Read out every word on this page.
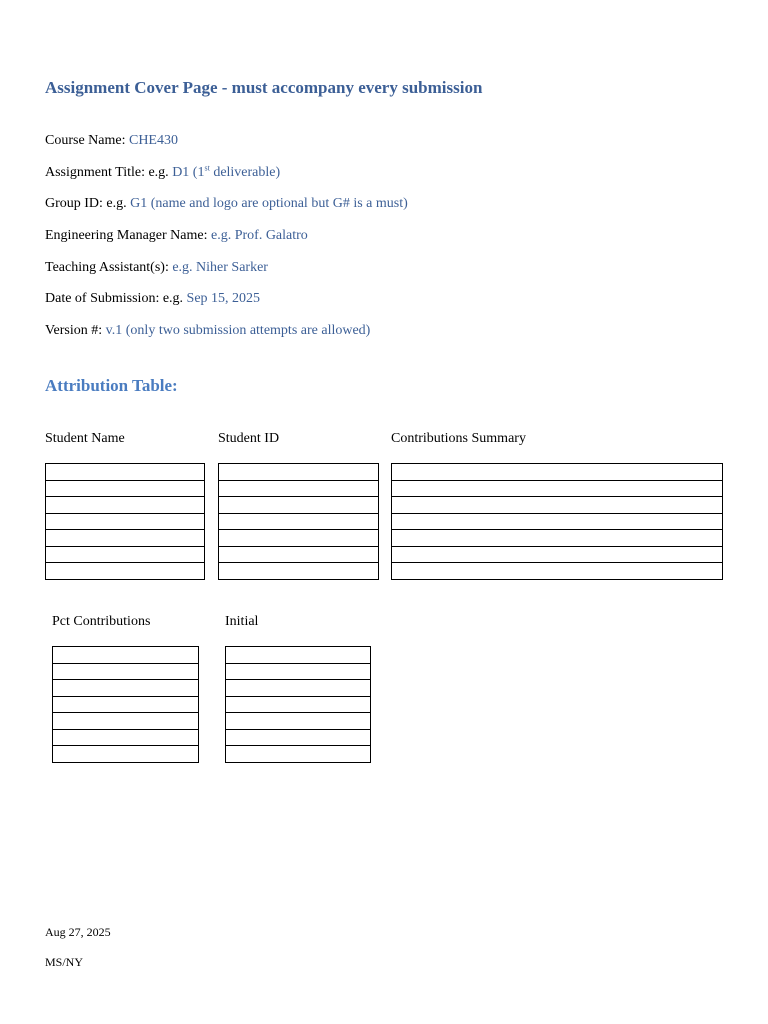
Assignment Cover Page - must accompany every submission
Course Name: CHE430
Assignment Title: e.g. D1 (1st deliverable)
Group ID: e.g. G1 (name and logo are optional but G# is a must)
Engineering Manager Name: e.g. Prof. Galatro
Teaching Assistant(s): e.g. Niher Sarker
Date of Submission: e.g. Sep 15, 2025
Version #: v.1 (only two submission attempts are allowed)
Attribution Table:
Student Name	Student ID	Contributions Summary

Pct Contributions	Initial

Aug 27, 2025
MS/NY
